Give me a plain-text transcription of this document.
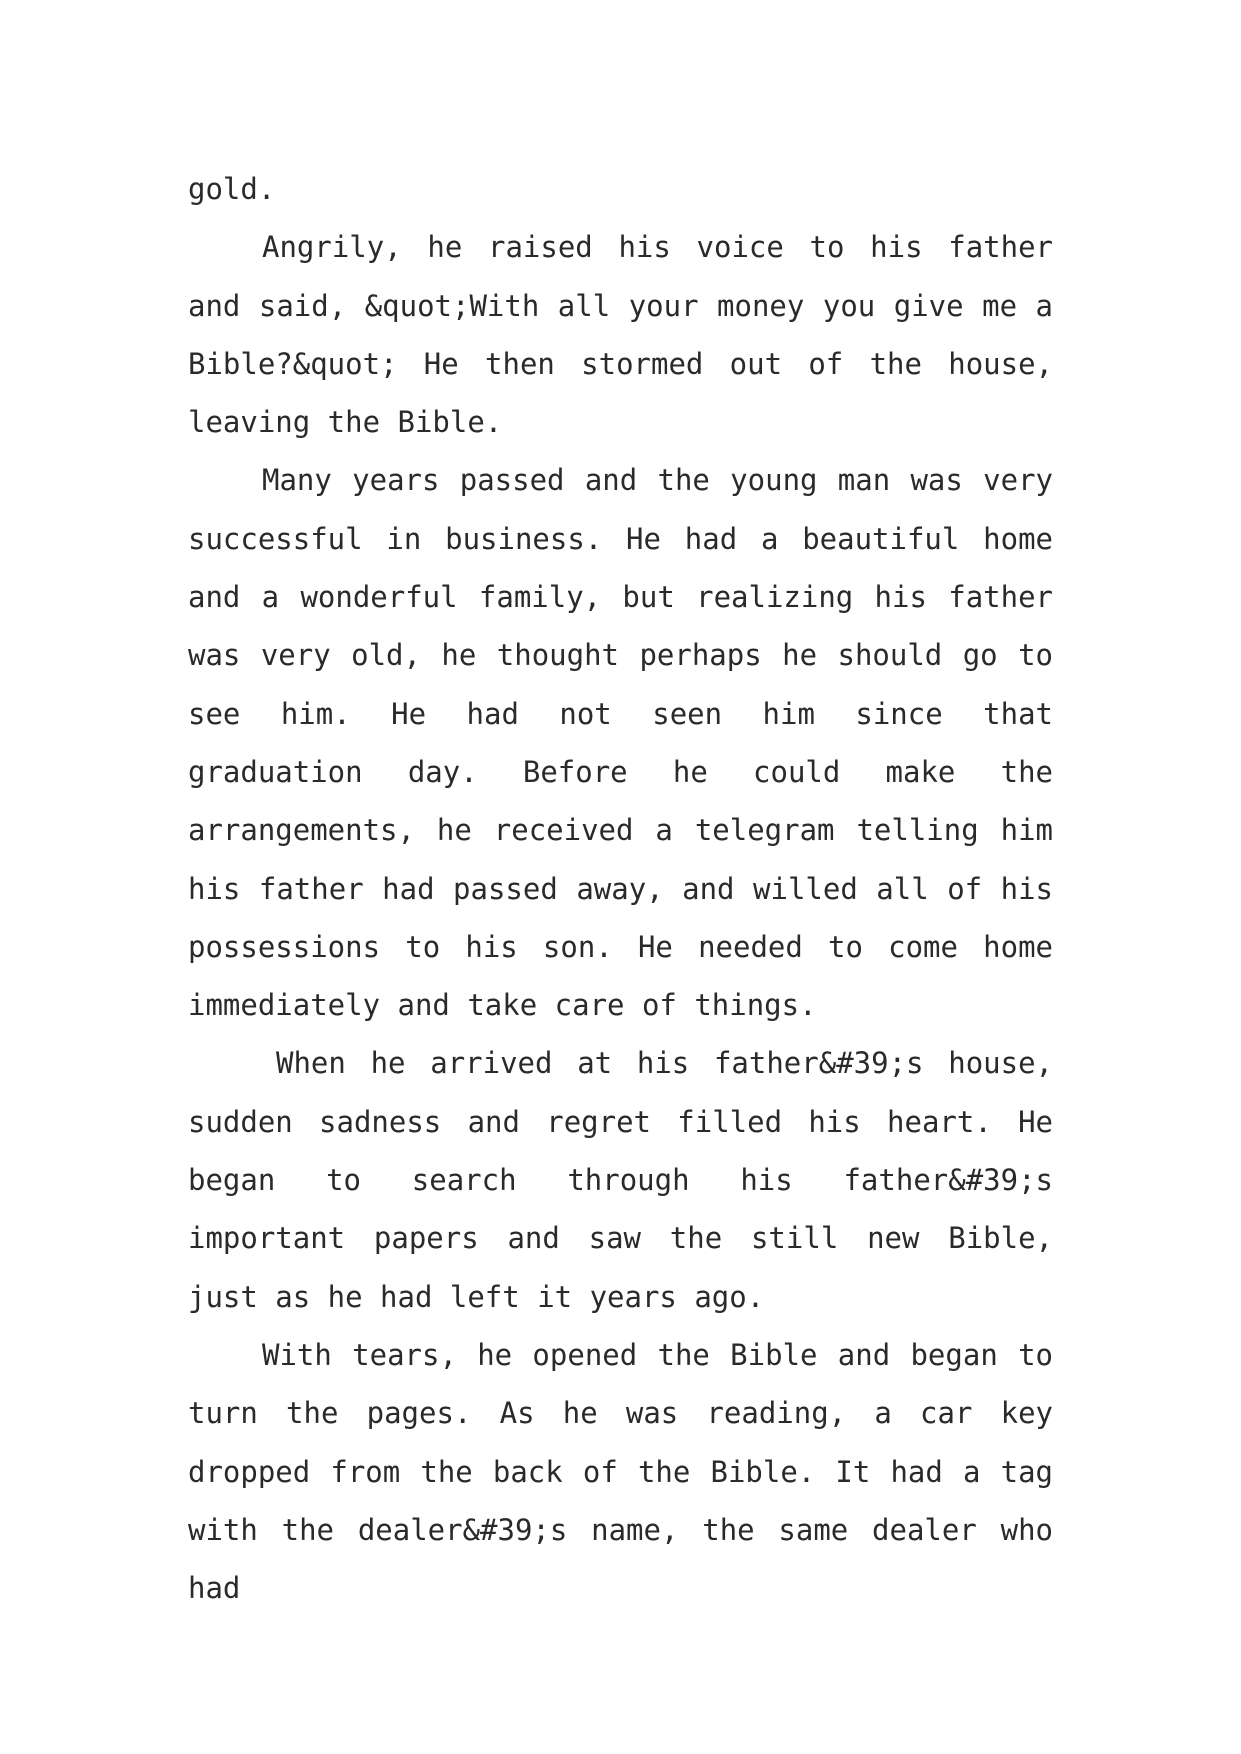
gold.

Angrily, he raised his voice to his father and said, &quot;With all your money you give me a Bible?&quot; He then stormed out of the house, leaving the Bible.

Many years passed and the young man was very successful in business. He had a beautiful home and a wonderful family, but realizing his father was very old, he thought perhaps he should go to see him. He had not seen him since that graduation day. Before he could make the arrangements, he received a telegram telling him his father had passed away, and willed all of his possessions to his son. He needed to come home immediately and take care of things.

When he arrived at his father&#39;s house, sudden sadness and regret filled his heart. He began to search through his father&#39;s important papers and saw the still new Bible, just as he had left it years ago.

With tears, he opened the Bible and began to turn the pages. As he was reading, a car key dropped from the back of the Bible. It had a tag with the dealer&#39;s name, the same dealer who had
